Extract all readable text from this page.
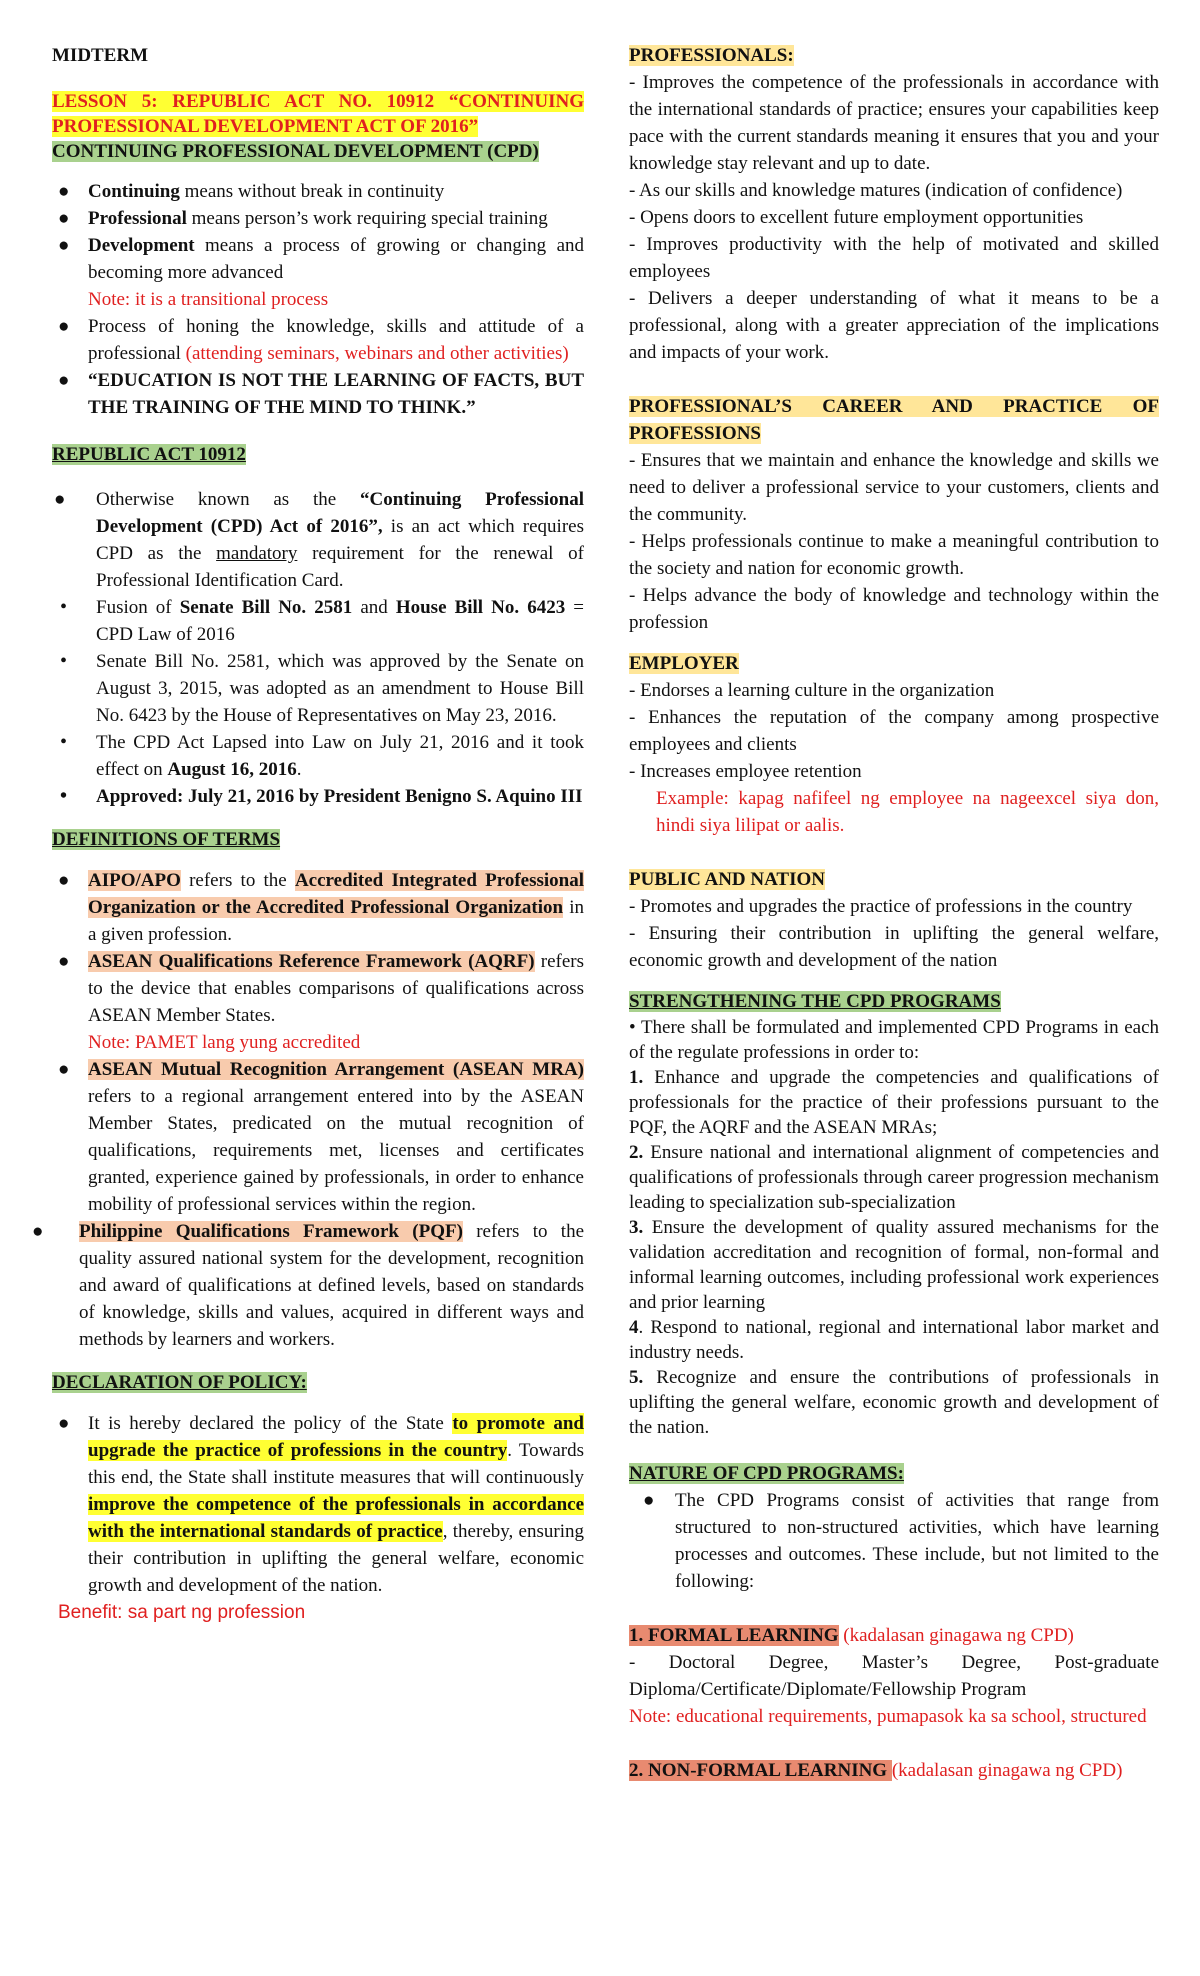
MIDTERM

LESSON 5: REPUBLIC ACT NO. 10912 “CONTINUING PROFESSIONAL DEVELOPMENT ACT OF 2016”

CONTINUING PROFESSIONAL DEVELOPMENT (CPD)

● Continuing means without break in continuity

● Professional means person’s work requiring special training

● Development means a process of growing or changing and becoming more advanced

Note: it is a transitional process

● Process of honing the knowledge, skills and attitude of a professional (attending seminars, webinars and other activities)

● “EDUCATION IS NOT THE LEARNING OF FACTS, BUT THE TRAINING OF THE MIND TO THINK.”

REPUBLIC ACT 10912

● Otherwise known as the “Continuing Professional Development (CPD) Act of 2016”, is an act which requires CPD as the mandatory requirement for the renewal of Professional Identification Card.

• Fusion of Senate Bill No. 2581 and House Bill No. 6423 = CPD Law of 2016

• Senate Bill No. 2581, which was approved by the Senate on August 3, 2015, was adopted as an amendment to House Bill No. 6423 by the House of Representatives on May 23, 2016.

• The CPD Act Lapsed into Law on July 21, 2016 and it took effect on August 16, 2016.

• Approved: July 21, 2016 by President Benigno S. Aquino III

DEFINITIONS OF TERMS

● AIPO/APO refers to the Accredited Integrated Professional Organization or the Accredited Professional Organization in a given profession.

● ASEAN Qualifications Reference Framework (AQRF) refers to the device that enables comparisons of qualifications across ASEAN Member States.

Note: PAMET lang yung accredited

● ASEAN Mutual Recognition Arrangement (ASEAN MRA) refers to a regional arrangement entered into by the ASEAN Member States, predicated on the mutual recognition of qualifications, requirements met, licenses and certificates granted, experience gained by professionals, in order to enhance mobility of professional services within the region.

● Philippine Qualifications Framework (PQF) refers to the quality assured national system for the development, recognition and award of qualifications at defined levels, based on standards of knowledge, skills and values, acquired in different ways and methods by learners and workers.

DECLARATION OF POLICY:

● It is hereby declared the policy of the State to promote and upgrade the practice of professions in the country. Towards this end, the State shall institute measures that will continuously improve the competence of the professionals in accordance with the international standards of practice, thereby, ensuring their contribution in uplifting the general welfare, economic growth and development of the nation.

Benefit: sa part ng profession

PROFESSIONALS:

- Improves the competence of the professionals in accordance with the international standards of practice; ensures your capabilities keep pace with the current standards meaning it ensures that you and your knowledge stay relevant and up to date.

- As our skills and knowledge matures (indication of confidence)

- Opens doors to excellent future employment opportunities

- Improves productivity with the help of motivated and skilled employees

- Delivers a deeper understanding of what it means to be a professional, along with a greater appreciation of the implications and impacts of your work.

PROFESSIONAL’S CAREER AND PRACTICE OF PROFESSIONS

- Ensures that we maintain and enhance the knowledge and skills we need to deliver a professional service to your customers, clients and the community.

- Helps professionals continue to make a meaningful contribution to the society and nation for economic growth.

- Helps advance the body of knowledge and technology within the profession

EMPLOYER

- Endorses a learning culture in the organization

- Enhances the reputation of the company among prospective employees and clients

- Increases employee retention

Example: kapag nafifeel ng employee na nageexcel siya don, hindi siya lilipat or aalis.

PUBLIC AND NATION

- Promotes and upgrades the practice of professions in the country

- Ensuring their contribution in uplifting the general welfare, economic growth and development of the nation

STRENGTHENING THE CPD PROGRAMS

• There shall be formulated and implemented CPD Programs in each of the regulate professions in order to:

1. Enhance and upgrade the competencies and qualifications of professionals for the practice of their professions pursuant to the PQF, the AQRF and the ASEAN MRAs;

2. Ensure national and international alignment of competencies and qualifications of professionals through career progression mechanism leading to specialization sub-specialization

3. Ensure the development of quality assured mechanisms for the validation accreditation and recognition of formal, non-formal and informal learning outcomes, including professional work experiences and prior learning

4. Respond to national, regional and international labor market and industry needs.

5. Recognize and ensure the contributions of professionals in uplifting the general welfare, economic growth and development of the nation.

NATURE OF CPD PROGRAMS:

● The CPD Programs consist of activities that range from structured to non-structured activities, which have learning processes and outcomes. These include, but not limited to the following:

1. FORMAL LEARNING (kadalasan ginagawa ng CPD)

- Doctoral Degree, Master’s Degree, Post-graduate Diploma/Certificate/Diplomate/Fellowship Program

Note: educational requirements, pumapasok ka sa school, structured

2. NON-FORMAL LEARNING (kadalasan ginagawa ng CPD)
